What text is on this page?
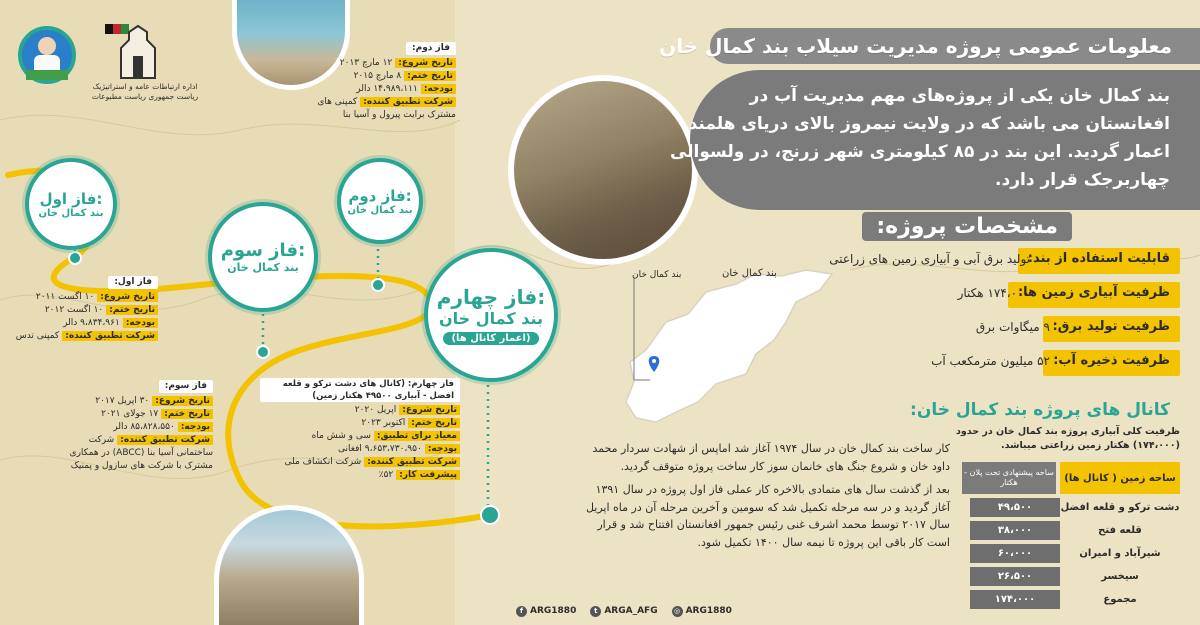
اداره ارتباطات عامه و استراتیژیک ریاست جمهوری ریاست مطبوعات
معلومات عمومی پروژه مدیریت سیلاب بند کمال خان
بند کمال خان یکی از پروژه‌های مهم مدیریت آب در افغانستان می باشد که در ولایت نیمروز بالای دریای هلمند اعمار گردید. این بند در ۸۵ کیلومتری شهر زرنج، در ولسوالی چهاربرجک قرار دارد.
فاز اول:
بند کمال خان
فاز دوم:
بند کمال خان
فاز سوم:
بند کمال خان
فاز چهارم:
بند کمال خان
(اعمار کانال ها)
فاز دوم:
تاریخ شروع:۱۲ مارچ ۲۰۱۳
تاریخ ختم:۸ مارچ ۲۰۱۵
بودجه:۱۴،۹۸۹،۱۱۱ دالر
شرکت تطبیق کننده:کمپنی های مشترک برایت پیرول و آسیا بنا
فاز اول:
تاریخ شروع:۱۰ اگست ۲۰۱۱
تاریخ ختم:۱۰ اگست ۲۰۱۲
بودجه:۹،۸۳۴،۹۶۱ دالر
شرکت تطبیق کننده:کمپنی تدس
فاز سوم:
تاریخ شروع:۳۰ اپریل ۲۰۱۷
تاریخ ختم:۱۷ جولای ۲۰۲۱
بودجه:۸۵،۸۲۸،۵۵۰ دالر
شرکت تطبیق کننده:شرکت ساختمانی آسیا بنا (ABCC) در همکاری مشترک با شرکت های سازول و پمنیک
فاز چهارم: (کانال های دشت ترکو و قلعه افضل - آبیاری ۴۹۵۰۰ هکتار زمین)
تاریخ شروع:اپریل ۲۰۲۰
تاریخ ختم:اکتوبر ۲۰۲۳
معیاد برای تطبیق:سی و شش ماه
بودجه:۹،۶۵۳،۷۳۰،۹۵۰ افغانی
شرکت تطبیق کننده:شرکت انکشاف ملی
پیشرفت کار:۵۲٪
مشخصات پروژه:
قابلیت استفاده از بند:
تولید برق آبی و آبیاری زمین های زراعتی
ظرفیت آبیاری زمین ها:
۱۷۴،۰۰۰ هکتار
ظرفیت تولید برق:
۹ میگاوات برق
ظرفیت ذخیره آب:
۵۲ میلیون مترمکعب آب
بند کمال خان
بند کمال خان

کار ساخت بند کمال خان در سال ۱۹۷۴ آغاز شد اماپس از شهادت سردار محمد داود خان و شروع جنگ های خانمان سوز کار ساخت پروژه متوقف گردید.

بعد از گذشت سال های متمادی بالاخره کار عملی فاز اول پروژه در سال ۱۳۹۱ آغاز گردید و در سه مرحله تکمیل شد که سومین و آخرین مرحله آن در ماه اپریل سال ۲۰۱۷ توسط محمد اشرف غنی رئیس جمهور افغانستان افتتاح شد و قرار است کار باقی این پروژه تا نیمه سال ۱۴۰۰ تکمیل شود.

کانال های پروژه بند کمال خان:
ظرفیت کلی آبیاری پروژه بند کمال خان در حدود (۱۷۴،۰۰۰) هکتار زمین زراعتی میباشد.
ساحه زمین ( کانال ها)
ساحه پیشنهادی تحت پلان - هکتار
دشت ترکو و قلعه افضل
۴۹،۵۰۰
قلعه فتح
۳۸،۰۰۰
شیرآباد و امیران
۶۰،۰۰۰
سیخسر
۲۶،۵۰۰
مجموع
۱۷۴،۰۰۰
f ARG1880	t ARGA_AFG	◎ ARG1880
